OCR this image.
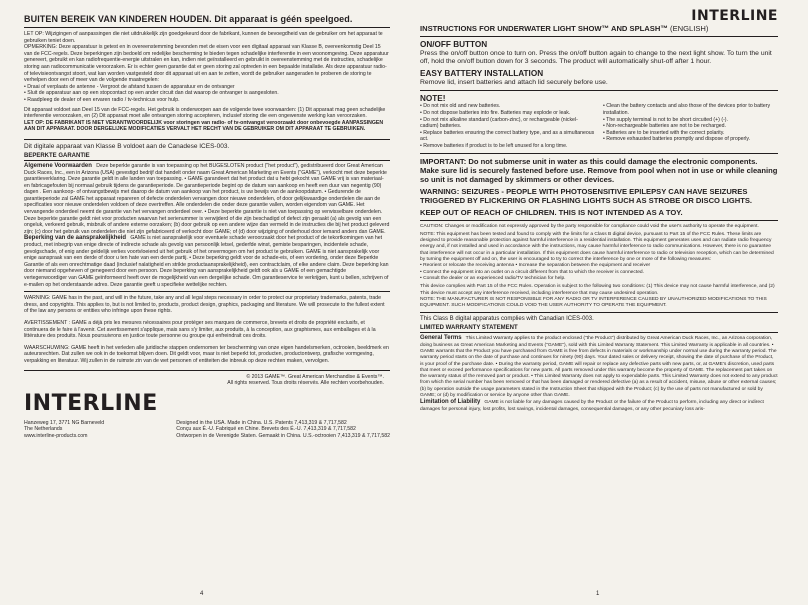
BUITEN BEREIK VAN KINDEREN HOUDEN. Dit apparaat is géén speelgoed.

LET OP: Wijzigingen of aanpassingen die niet uitdrukkelijk zijn goedgekeurd door de fabrikant, kunnen de bevoegdheid van de gebruiker om het apparaat te gebruiken teniet doen.

OPMERKING: Deze apparatuur is getest en in overeenstemming bevonden met de eisen voor een digitaal apparaat van Klasse B, overeenkomstig Deel 15 van de FCC-regels. Deze beperkingen zijn bedoeld om redelijke bescherming te bieden tegen schadelijke interferentie in een woonomgeving. Deze apparatuur genereert, gebruikt en kan radiofrequentie-energie uitstralen en kan, indien niet geïnstalleerd en gebruikt in overeenstemming met de instructies, schadelijke storing aan radiocommunicatie veroorzaken. Er is echter geen garantie dat er geen storing zal optreden in een bepaalde installatie. Als deze apparatuur radio- of televisieontvangst stoort, wat kan worden vastgesteld door dit apparaat uit en aan te zetten, wordt de gebruiker aangeraden te proberen de storing te verhelpen door een of meer van de volgende maatregelen:

• Draai of verplaats de antenne - Vergroot de afstand tussen de apparatuur en de ontvanger

• Sluit de apparatuur aan op een stopcontact op een ander circuit dan dat waarop de ontvanger is aangesloten.

• Raadpleeg de dealer of een ervaren radio / tv-technicus voor hulp.

Dit apparaat voldoet aan Deel 15 van de FCC-regels. Het gebruik is onderworpen aan de volgende twee voorwaarden: (1) Dit apparaat mag geen schadelijke interferentie veroorzaken, en (2) Dit apparaat moet alle ontvangen storing accepteren, inclusief storing die een ongewenste werking kan veroorzaken.

LET OP: DE FABRIKANT IS NIET VERANTWOORDELIJK voor storingen van radio- of tv-ontvangst veroorzaakt door onbevoegde AANPASSINGEN AAN DIT APPARAAT. DOOR DERGELIJKE MODIFICATIES VERVALT HET RECHT VAN DE GEBRUIKER OM DIT APPARAAT TE GEBRUIKEN.

Dit digitale apparaat van Klasse B voldoet aan de Canadese ICES-003.

BEPERKTE GARANTIE

Algemene Voorwaarden Deze beperkte garantie is van toepassing op het BUGESLOTEN product ("het product"), gedistribueerd door Great American Duck Races, Inc., een in Arizona (USA) gevestigd bedrijf dat handelt onder naam Great American Marketing en Events ("GAME"), verkocht met deze beperkte garantieverklaring. Deze garantie geldt in alle landen van toepassing. • GAME garandeert dat het product dat u hebt gekocht van GAME vrij is van materiaal- en fabricagefouten bij normaal gebruik tijdens de garantieperiode. De garantieperiode begint op de datum van aankoop en heeft een duur van negentig (90) dagen . Een aankoop- of ontvangstbewijs met daarop de datum van aankoop van het product, is uw bewijs van de aankoopdatum. • Gedurende de garantieperiode zal GAME het apparaat repareren of defecte onderdelen vervangen door nieuwe onderdelen, of door gelijkwaardige onderdelen die aan de specificaties voor nieuwe onderdelen voldoen of deze overtreffen. Alle onderdelen die onder deze garantie vallen, worden eigendom van GAME. Het vervangende onderdeel neemt de garantie van het vervangen onderdeel over. • Deze beperkte garantie is niet van toepassing op verwisselbare onderdelen. Deze beperkte garantie geldt niet voor producten waarvan het serienummer is verwijderd of die zijn beschadigd of defect zijn geraakt (a) als gevolg van een ongeluk, verkeerd gebruik, misbruik of andere externe oorzaken; (b) door gebruik op een andere wijze dan vermeld in de instructies die bij het product geleverd zijn; (c) door het gebruik van onderdelen die niet zijn gefabriceerd of verkocht door GAME; of (d) door wijziging of onderhoud door iemand anders dan GAME.

Beperking van de aansprakelijkheid GAME is niet aansprakelijk voor eventuele schade veroorzaakt door het product of de tekortkomingen van het product, met inbegrip van enige directe of indirecte schade als gevolg van persoonlijk letsel, gederfde winst, gemiste besparingen, incidentele schade, gevolgschade, of enig ander geldelijk verlies voortvloeiend uit het gebruik of het onvermogen om het product te gebruiken. GAME is niet aansprakelijk voor enige aanspraak van een derde of door u ten hate van een derde partij. • Deze beperking geldt voor de schade-eis, of een vordering, onder deze Beperkte Garantie of als een onrechtmatige daad (inclusief nalatigheid en strikte productaansprakelijkheid), een contractclaim, of elke andere claim. Deze beperking kan door niemand opgeheven of genegeerd door een persoon. Deze beperking van aansprakelijkheid geldt ook als u GAME of een gemachtigde vertegenwoordiger van GAME geïnformeerd heeft over de mogelijkheid van een dergelijke schade. Om garantieservice te verkrijgen, kunt u bellen, schrijven of e-mailen op het onderstaande adres. Deze garantie geeft u specifieke wettelijke rechten.

WARNING: GAME has in the past, and will in the future, take any and all legal steps necessary in order to protect our proprietary trademarks, patents, trade dress, and copyrights. This applies to, but is not limited to, products, product design, graphics, packaging and literature. We will prosecute to the fullest extent of the law any persons or entities who infringe upon these rights.

AVERTISSEMENT : GAME a déjà pris les mesures nécessaires pour protéger ses marques de commerce, brevets et droits de propriété exclusifs, et continuera de le faire à l'avenir. Cet avertissement s'applique, mais sans s'y limiter, aux produits, à la conception, aux graphismes, aux emballages et à la littérature des produits. Nous poursuivrons en justice toute personne ou groupe qui enfreindrait ces droits.

WAARSCHUWING: GAME heeft in het verleden alle juridische stappen ondernomen ter bescherming van onze eigen handelsmerken, octrooien, beeldmerk en auteursrechten. Dat zullen we ook in de toekomst blijven doen. Dit geldt voor, maar is niet beperkt tot, producten, productontwerp, grafische vormgeving, verpakking en literatuur. Wij zullen in de ruimste zin van de wet personen of entiteiten die inbreuk op deze rechten maken, vervolgen.

© 2013 GAME™. Great American Merchandise & Events™.

All rights reserved. Tous droits réservés. Alle rechten voorbehouden.

INTERLINE

Hanzeweg 17, 3771 NG Barneveld

The Netherlands

www.interline-products.com

Designed in the USA. Made in China. U.S. Patents 7,413,319 & 7,717,582

Conçu aux É.-U. Fabriqué en Chine. Brevets des É.-U. 7,413,319 & 7,717,582

Ontworpen in de Verenigde Staten. Gemaakt in China. U.S.-octrooien 7,413,319 & 7,717,582

4
INTERLINE

INSTRUCTIONS FOR UNDERWATER LIGHT SHOW™ AND SPLASH™ (ENGLISH)

ON/OFF BUTTON

Press the on/off button once to turn on. Press the on/off button again to change to the next light show. To turn the unit off, hold the on/off button down for 3 seconds. The product will automatically shut-off after 1 hour.

EASY BATTERY INSTALLATION

Remove lid, insert batteries and attach lid securely before use.

NOTE!

• Do not mix old and new batteries.

• Do not dispose batteries into fire. Batteries may explode or leak.

• Do not mix alkaline standard (carbon-zinc), or rechargeable (nickel-cadium) batteries.

• Replace batteries ensuring the correct battery type, and as a simultaneous act.

• Remove batteries if product is to be left unused for a long time.

• Clean the battery contacts and also those of the devices prior to battery installation.

• The supply terminal is not to be short circuited (+) (-).

• Non-rechargeable batteries are not to be recharged.

• Batteries are to be inserted with the correct polarity.

• Remove exhausted batteries promptly and dispose of properly.

IMPORTANT: Do not submerse unit in water as this could damage the electronic components. Make sure lid is securely fastened before use. Remove from pool when not in use or while cleaning so unit is not damaged by skimmers or other devices.

WARNING: SEIZURES - PEOPLE WITH PHOTOSENSITIVE EPILEPSY CAN HAVE SEIZURES TRIGGERED BY FLICKERING OR FLASHING LIGHTS SUCH AS STROBE OR DISCO LIGHTS.

KEEP OUT OF REACH OF CHILDREN. THIS IS NOT INTENDED AS A TOY.

CAUTION: Changes or modification not expressly approved by the party responsible for compliance could void the user's authority to operate the equipment.

NOTE: This equipment has been tested and found to comply with the limits for a Class B digital device, pursuant to Part 15 of the FCC Rules. These limits are designed to provide reasonable protection against harmful interference in a residential installation. This equipment generates uses and can radiate radio frequency energy and, if not installed and used in accordance with the instructions, may cause harmful interference to radio communications. However, there is no guarantee that interference will not occur in a particular installation. If this equipment does cause harmful interference to radio or television reception, which can be determined by turning the equipment off and on, the user is encouraged to try to correct the interference by one or more of the following measures:

• Reorient or relocate the receiving antenna • Increase the separation between the equipment and receiver

• Connect the equipment into an outlet on a circuit different from that to which the receiver is connected.

• Consult the dealer or an experienced radio/TV technician for help.

This device complies with Part 15 of the FCC Rules. Operation is subject to the following two conditions: (1) This device may not cause harmful interference, and (2) This device must accept any interference received, including interference that may cause undesired operation.

NOTE: THE MANUFACTURER IS NOT RESPONSIBLE FOR ANY RADIO OR TV INTERFERENCE CAUSED BY UNAUTHORIZED MODIFICATIONS TO THIS EQUIPMENT. SUCH MODIFICATIONS COULD VOID THE USER AUTHORITY TO OPERATE THE EQUIPMENT.

This Class B digital apparatus complies with Canadian ICES-003.

LIMITED WARRANTY STATEMENT

General Terms This Limited Warranty applies to the product enclosed ("the Product") distributed by Great American Duck Races, Inc., an Arizona corporation, doing business as Great American Marketing and Events ("GAME"), sold with this Limited Warranty Statement. This Limited Warranty is applicable in all countries. • GAME warrants that the Product you have purchased from GAME is free from defects in materials or workmanship under normal use during the warranty period. The warranty period starts on the date of purchase and continues for ninety (90) days. Your dated sales or delivery receipt, showing the date of purchase of the Product, is your proof of the purchase date. • During the warranty period, GAME will repair or replace any defective parts with new parts, or, at GAME's discretion, used parts that meet or exceed performance specifications for new parts. All parts removed under this warranty become the property of GAME. The replacement part takes on the warranty status of the removed part or product. • This Limited Warranty does not apply to expendable parts. This Limited Warranty does not extend to any product from which the serial number has been removed or that has been damaged or rendered defective (a) as a result of accident, misuse, abuse or other external causes; (b) by operation outside the usage parameters stated in the Instruction Sheet that shipped with the Product; (c) by the use of parts not manufactured or sold by GAME; or (d) by modification or service by anyone other than GAME.

Limitation of Liability GAME is not liable for any damages caused by the Product or the failure of the Product to perform, including any direct or indirect damages for personal injury, lost profits, lost savings, incidental damages, consequential damages, or any other pecuniary loss aris-

1
